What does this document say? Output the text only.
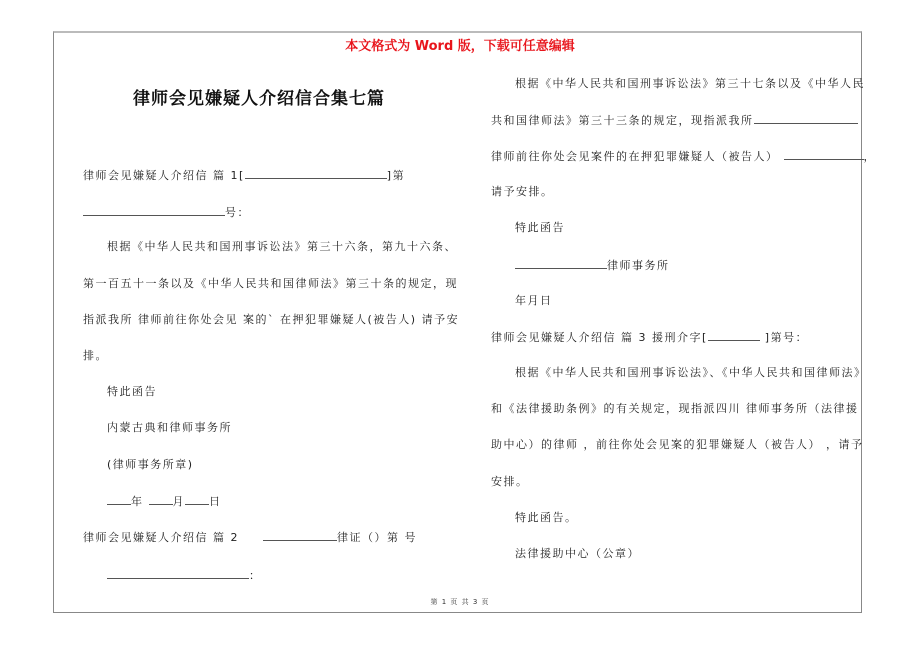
本文格式为 Word 版，下载可任意编辑
律师会见嫌疑人介绍信合集七篇
律师会见嫌疑人介绍信 篇 1[	]第
号：
根据《中华人民共和国刑事诉讼法》第三十六条，第九十六条、
第一百五十一条以及《中华人民共和国律师法》第三十条的规定，现
指派我所 律师前往你处会见 案的` 在押犯罪嫌疑人(被告人) 请予安
排。
特此函告
内蒙古典和律师事务所
(律师事务所章)
年	月 日
律师会见嫌疑人介绍信 篇 2	律证（）第 号
：
根据《中华人民共和国刑事诉讼法》第三十七条以及《中华人民
共和国律师法》第三十三条的规定，现指派我所
律师前往你处会见案件的在押犯罪嫌疑人（被告人）	，
请予安排。
特此函告
律师事务所
年月日
律师会见嫌疑人介绍信 篇 3 援刑介字[	]第号：
根据《中华人民共和国刑事诉讼法》、《中华人民共和国律师法》
和《法律援助条例》的有关规定，现指派四川 律师事务所（法律援
助中心）的律师 ，前往你处会见案的犯罪嫌疑人（被告人） ，请予
安排。
特此函告。
法律援助中心（公章）
第 1 页 共 3 页
